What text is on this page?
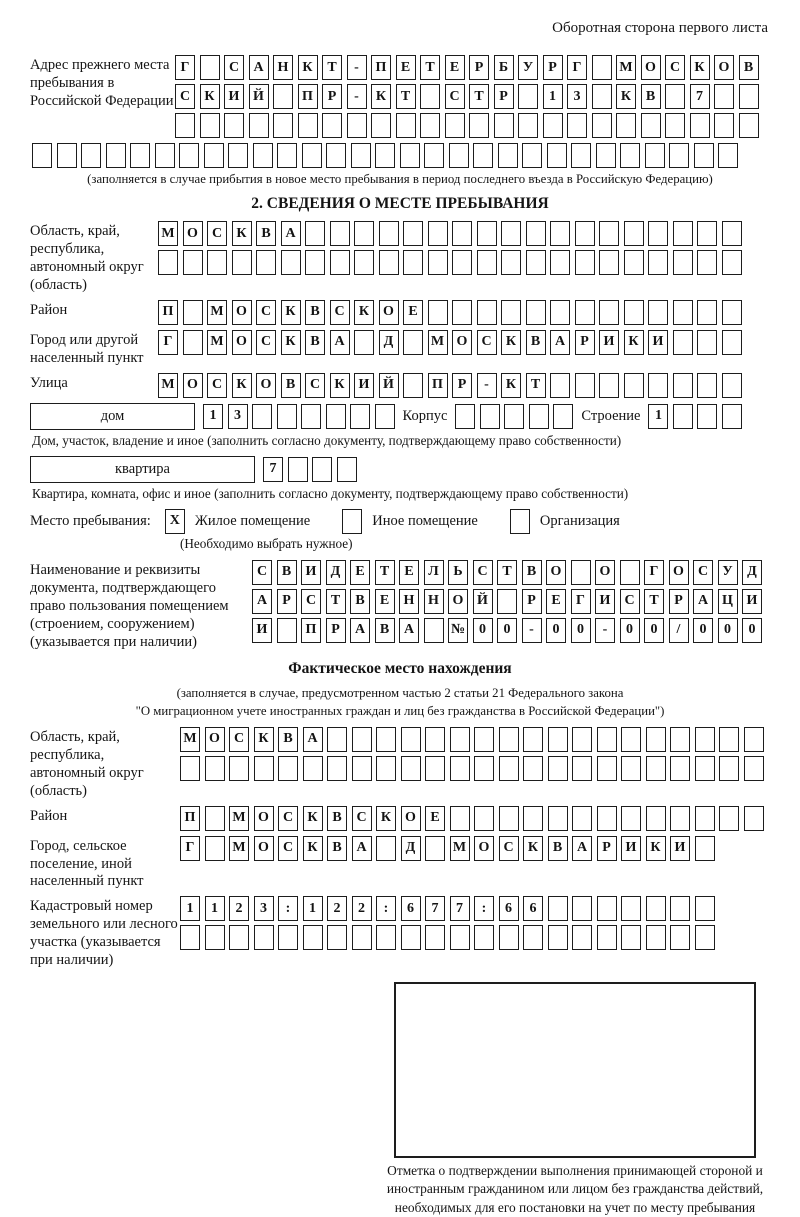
Оборотная сторона первого листа
Адрес прежнего места пребывания в Российской Федерации
Г	С	А Н К	Т	-	П	Е	Т	Е	Р	Б	У	Р	Г	М О	С	К О	В
С	К И Й	П	Р	-	К	Т	С	Т	Р	1	3	К	В	7
(заполняется в случае прибытия в новое место пребывания в период последнего въезда в Российскую Федерацию)
2. СВЕДЕНИЯ О МЕСТЕ ПРЕБЫВАНИЯ
Область, край, республика, автономный округ (область)
М О	С	К	В	А
Район	П	М О	С	К	В	С	К О	Е
Город или другой населенный пункт
Г	М О	С	К	В	А	Д	М О	С	К	В	А	Р	И К И
Улица	М О	С	К О	В	С	К И Й	П	Р	-	К	Т
дом	1	3	Корпус	Строение	1
Дом, участок, владение и иное (заполнить согласно документу, подтверждающему право собственности)
квартира	7
Квартира, комната, офис и иное (заполнить согласно документу, подтверждающему право собственности)
Место пребывания:	X	Жилое помещение	Иное помещение	Организация
(Необходимо выбрать нужное)
Наименование и реквизиты документа, подтверждающего право пользования помещением (строением, сооружением) (указывается при наличии)
С	В	И	Д	Е	Т	Е	Л	Ь	С	Т	В	О	О	Г	О	С	У	Д
А	Р	С	Т	В	Е	Н Н О Й	Р	Е	Г	И	С	Т	Р	А Ц И
И	П	Р	А	В	А	№ 0	0	-	0	0	-	0	0	/	0	0	0
Фактическое место нахождения
(заполняется в случае, предусмотренном частью 2 статьи 21 Федерального закона
"О миграционном учете иностранных граждан и лиц без гражданства в Российской Федерации")
Область, край, республика, автономный округ (область)
М О	С	К	В	А
Район	П	М О	С	К	В	С	К О	Е
Город, сельское поселение, иной населенный пункт
Г	М О	С	К	В	А	Д	М О	С	К	В	А	Р	И К И
Кадастровый номер земельного или лесного участка (указывается при наличии)
1	1	2	3	:	1	2	2	:	6	7	7	:	6	6
Отметка о подтверждении выполнения принимающей стороной и иностранным гражданином или лицом без гражданства действий, необходимых для его постановки на учет по месту пребывания
